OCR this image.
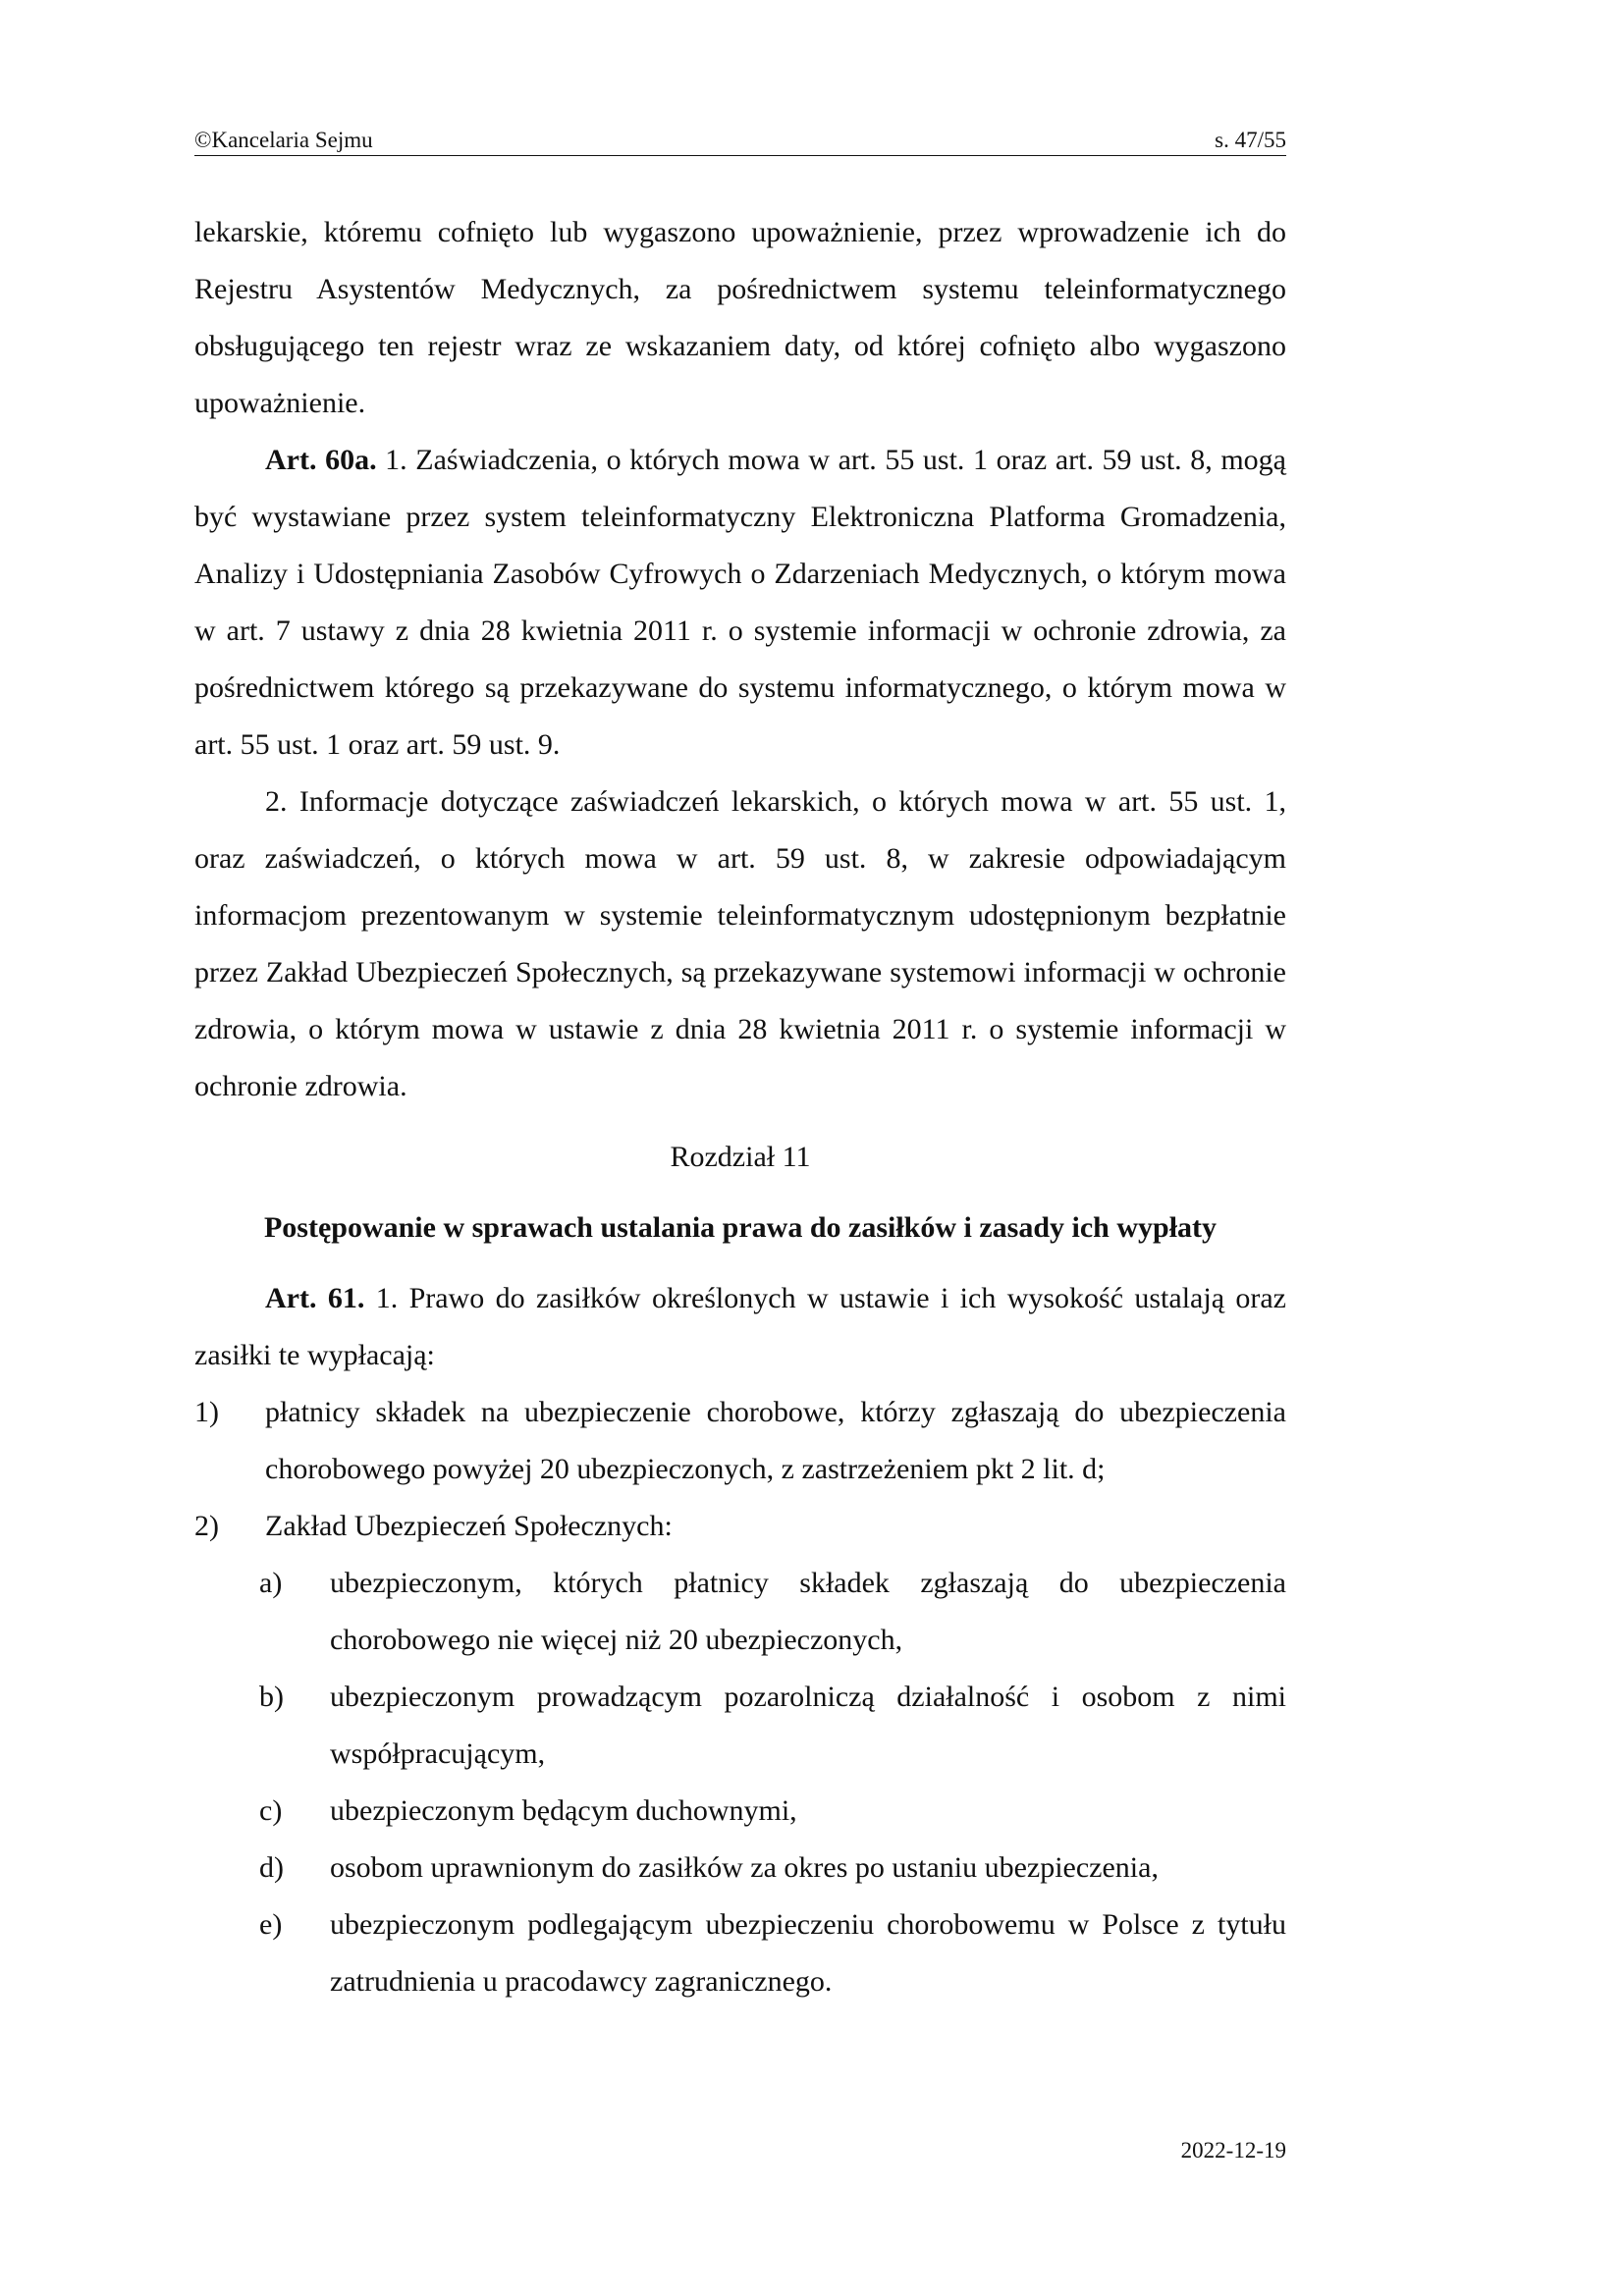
©Kancelaria Sejmu	s. 47/55

lekarskie, któremu cofnięto lub wygaszono upoważnienie, przez wprowadzenie ich do Rejestru Asystentów Medycznych, za pośrednictwem systemu teleinformatycznego obsługującego ten rejestr wraz ze wskazaniem daty, od której cofnięto albo wygaszono upoważnienie.

Art. 60a. 1. Zaświadczenia, o których mowa w art. 55 ust. 1 oraz art. 59 ust. 8, mogą być wystawiane przez system teleinformatyczny Elektroniczna Platforma Gromadzenia, Analizy i Udostępniania Zasobów Cyfrowych o Zdarzeniach Medycznych, o którym mowa w art. 7 ustawy z dnia 28 kwietnia 2011 r. o systemie informacji w ochronie zdrowia, za pośrednictwem którego są przekazywane do systemu informatycznego, o którym mowa w art. 55 ust. 1 oraz art. 59 ust. 9.

2. Informacje dotyczące zaświadczeń lekarskich, o których mowa w art. 55 ust. 1, oraz zaświadczeń, o których mowa w art. 59 ust. 8, w zakresie odpowiadającym informacjom prezentowanym w systemie teleinformatycznym udostępnionym bezpłatnie przez Zakład Ubezpieczeń Społecznych, są przekazywane systemowi informacji w ochronie zdrowia, o którym mowa w ustawie z dnia 28 kwietnia 2011 r. o systemie informacji w ochronie zdrowia.

Rozdział 11

Postępowanie w sprawach ustalania prawa do zasiłków i zasady ich wypłaty

Art. 61. 1. Prawo do zasiłków określonych w ustawie i ich wysokość ustalają oraz zasiłki te wypłacają:

1) płatnicy składek na ubezpieczenie chorobowe, którzy zgłaszają do ubezpieczenia chorobowego powyżej 20 ubezpieczonych, z zastrzeżeniem pkt 2 lit. d;
2) Zakład Ubezpieczeń Społecznych:
a) ubezpieczonym, których płatnicy składek zgłaszają do ubezpieczenia chorobowego nie więcej niż 20 ubezpieczonych,
b) ubezpieczonym prowadzącym pozarolniczą działalność i osobom z nimi współpracującym,
c) ubezpieczonym będącym duchownymi,
d) osobom uprawnionym do zasiłków za okres po ustaniu ubezpieczenia,
e) ubezpieczonym podlegającym ubezpieczeniu chorobowemu w Polsce z tytułu zatrudnienia u pracodawcy zagranicznego.
2022-12-19
